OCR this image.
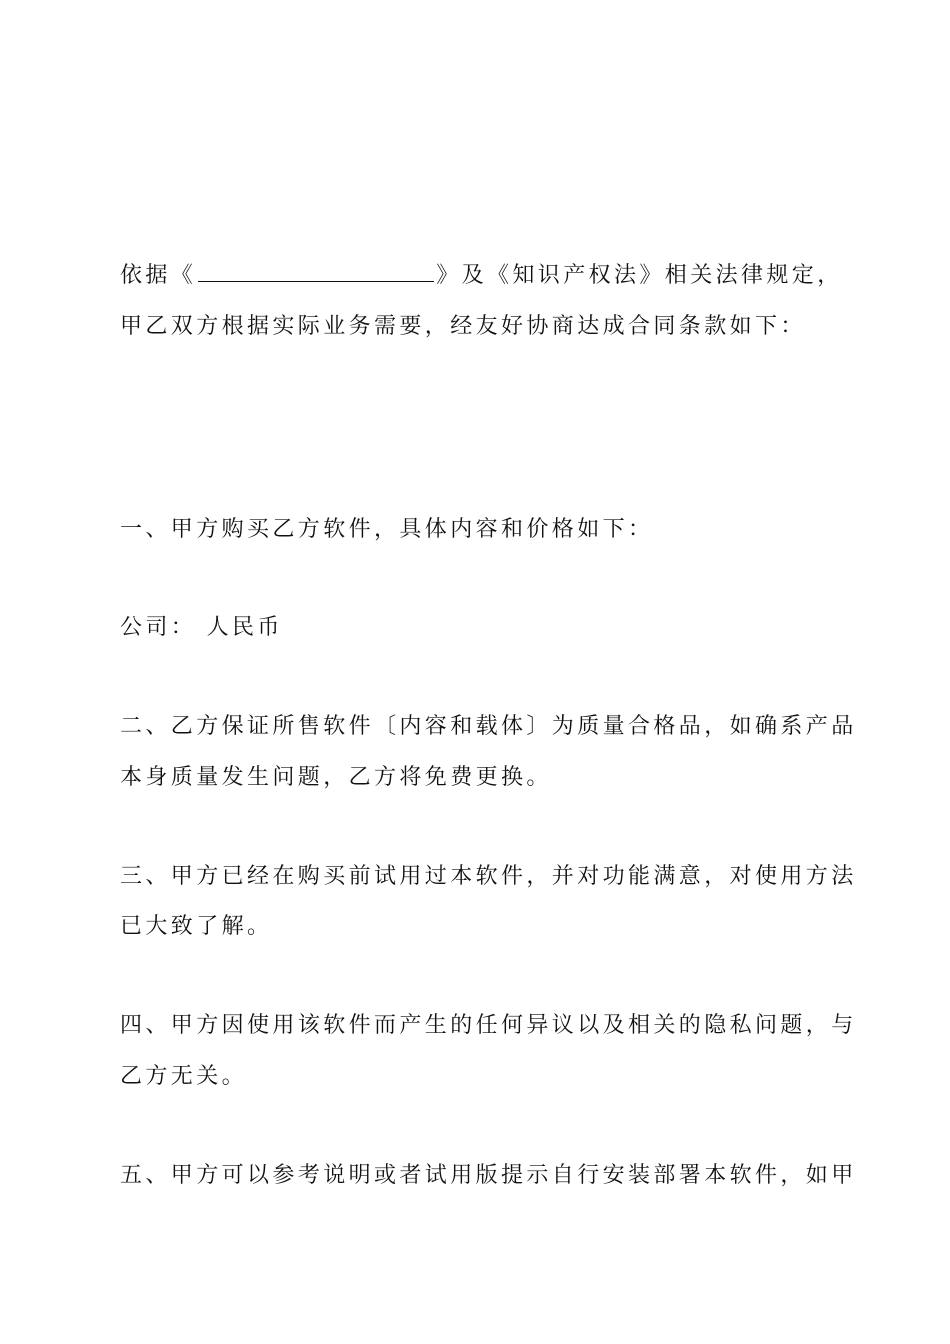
依据《	》及《知识产权法》相关法律规定，
甲乙双方根据实际业务需要，经友好协商达成合同条款如下：
一、甲方购买乙方软件，具体内容和价格如下：
公司： 人民币
二、乙方保证所售软件〔内容和载体〕为质量合格品，如确系产品
本身质量发生问题，乙方将免费更换。
三、甲方已经在购买前试用过本软件，并对功能满意，对使用方法
已大致了解。
四、甲方因使用该软件而产生的任何异议以及相关的隐私问题，与
乙方无关。
五、甲方可以参考说明或者试用版提示自行安装部署本软件，如甲
